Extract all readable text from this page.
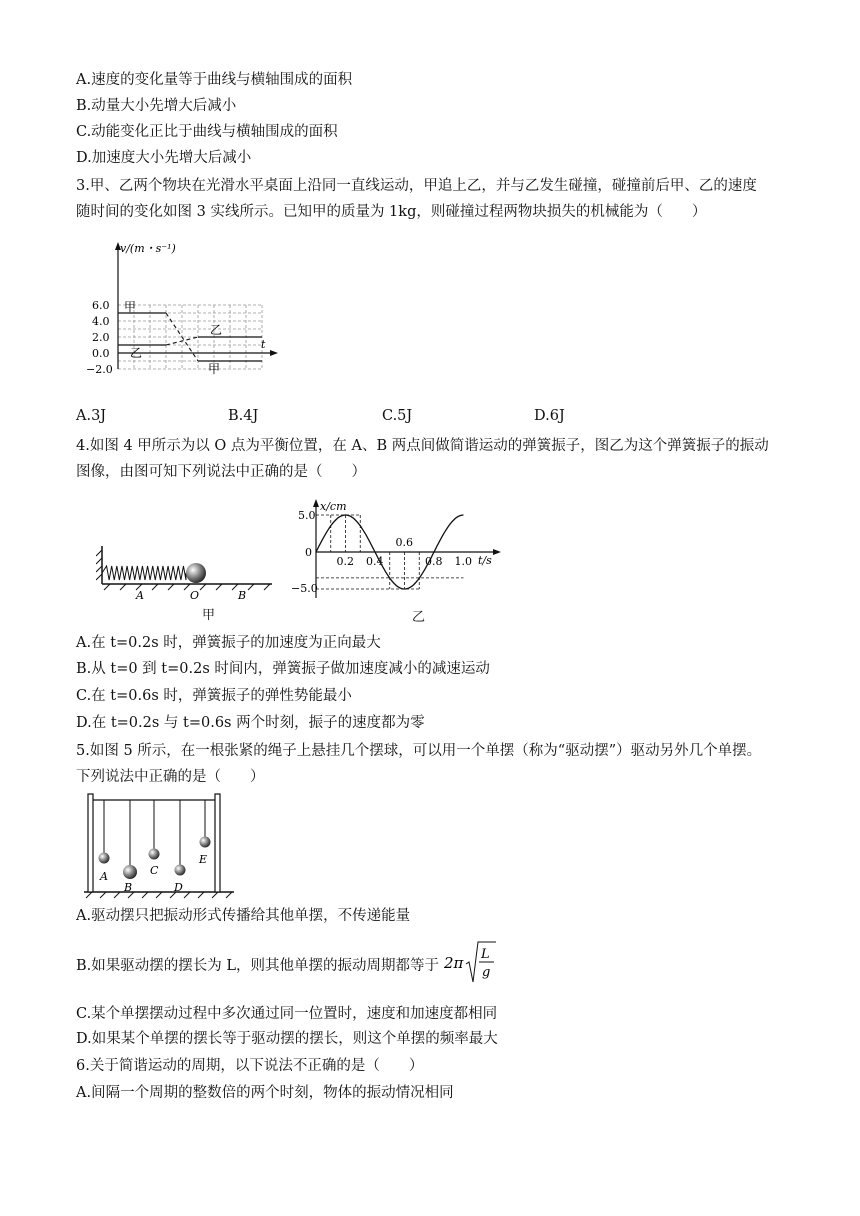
A.速度的变化量等于曲线与横轴围成的面积
B.动量大小先增大后减小
C.动能变化正比于曲线与横轴围成的面积
D.加速度大小先增大后减小
3.甲、乙两个物块在光滑水平桌面上沿同一直线运动，甲追上乙，并与乙发生碰撞，碰撞前后甲、乙的速度
随时间的变化如图 3 实线所示。已知甲的质量为 1kg，则碰撞过程两物块损失的机械能为（　　）
v/(m・s⁻¹)
t
6.0
4.0
2.0
0.0
−2.0
甲
甲
乙
乙
A.3J	B.4J	C.5J	D.6J
4.如图 4 甲所示为以 O 点为平衡位置，在 A、B 两点间做简谐运动的弹簧振子，图乙为这个弹簧振子的振动
图像，由图可知下列说法中正确的是（　　）
A	O	B
甲
x/cm
t/s
5.0
0
−5.0
0.2 0.4
0.6
0.8 1.0
乙
A.在 t=0.2s 时，弹簧振子的加速度为正向最大
B.从 t=0 到 t=0.2s 时间内，弹簧振子做加速度减小的减速运动
C.在 t=0.6s 时，弹簧振子的弹性势能最小
D.在 t=0.2s 与 t=0.6s 两个时刻，振子的速度都为零
5.如图 5 所示，在一根张紧的绳子上悬挂几个摆球，可以用一个单摆（称为“驱动摆”）驱动另外几个单摆。
下列说法中正确的是（　　）
A
B
C
D
E
A.驱动摆只把振动形式传播给其他单摆，不传递能量
B.如果驱动摆的摆长为 L，则其他单摆的振动周期都等于 2π L
g
C.某个单摆摆动过程中多次通过同一位置时，速度和加速度都相同
D.如果某个单摆的摆长等于驱动摆的摆长，则这个单摆的频率最大
6.关于简谐运动的周期，以下说法不正确的是（　　）
A.间隔一个周期的整数倍的两个时刻，物体的振动情况相同
